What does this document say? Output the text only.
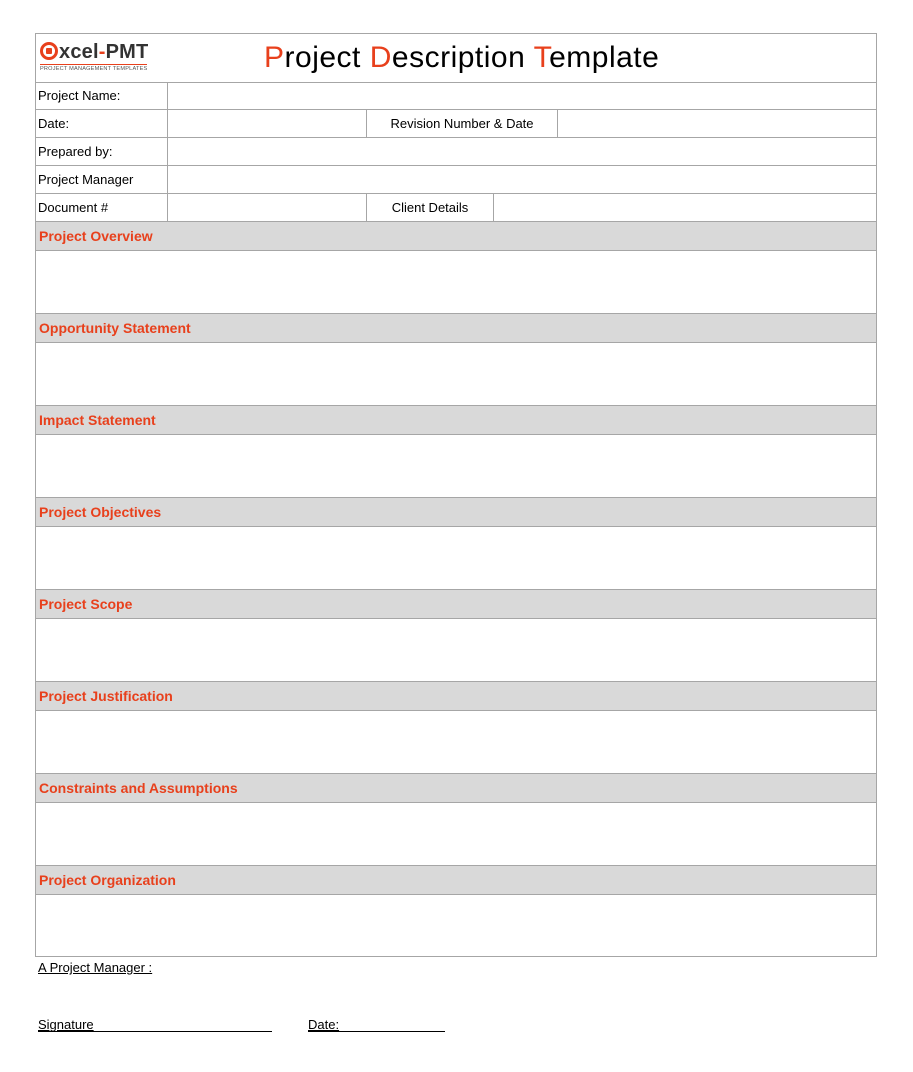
xcel-PMT
PROJECT MANAGEMENT TEMPLATES	Project Description Template
Project Name:
Date:	Revision Number & Date
Prepared by:
Project Manager
Document #	Client Details
Project Overview
Opportunity Statement
Impact Statement
Project Objectives
Project Scope
Project Justification
Constraints and Assumptions
Project Organization
A Project Manager :
Signature	Date:
